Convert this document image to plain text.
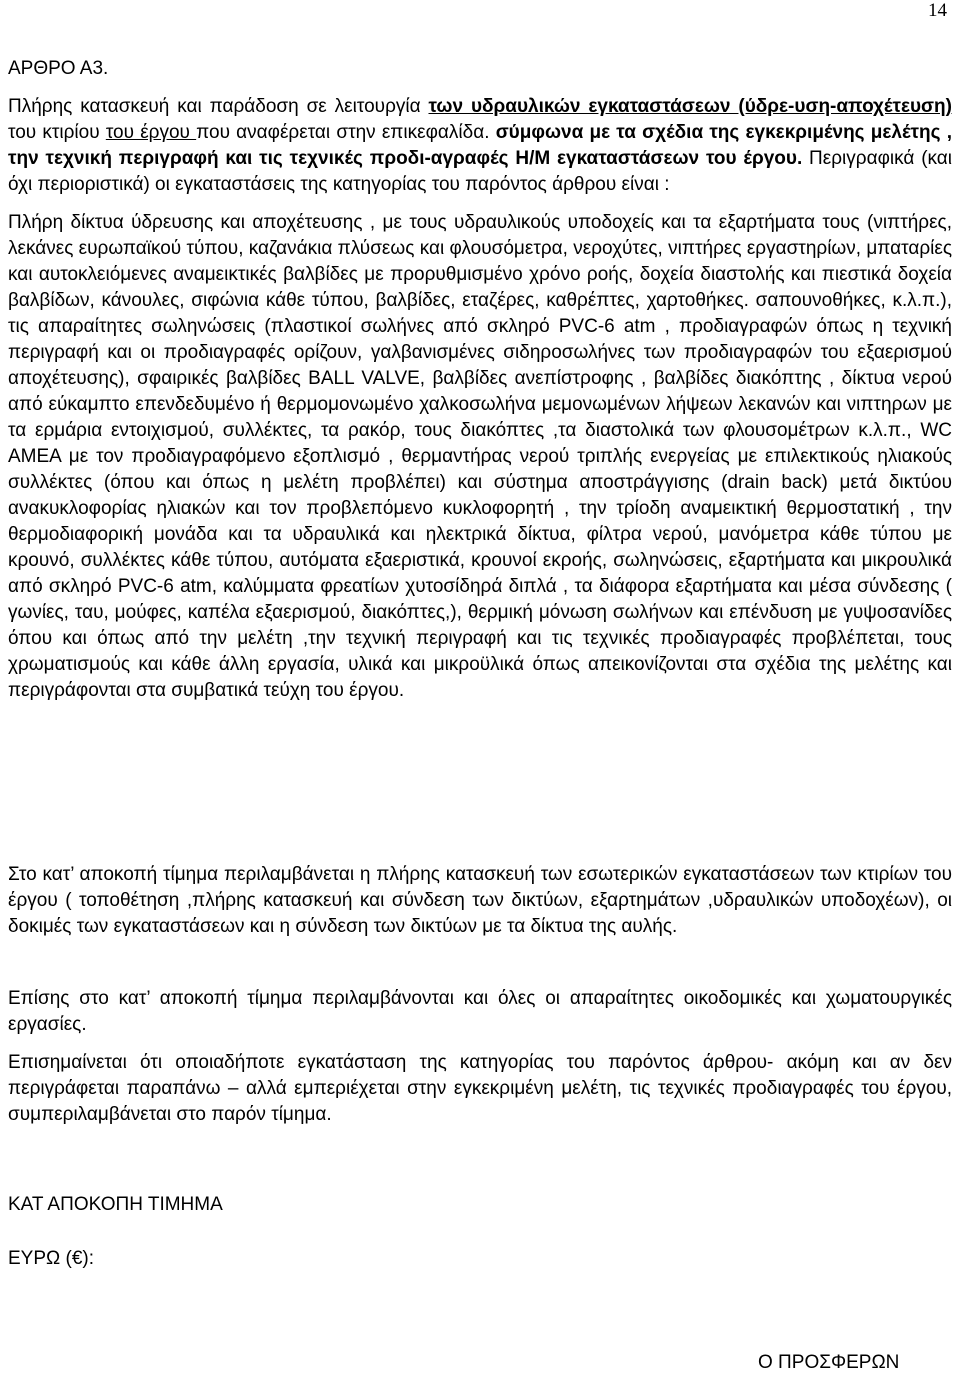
14
ΑΡΘΡΟ Α3.
Πλήρης κατασκευή και παράδοση σε λειτουργία των υδραυλικών εγκαταστάσεων (ύδρε-υση-αποχέτευση) του κτιρίου του έργου που αναφέρεται στην επικεφαλίδα. σύμφωνα με τα σχέδια της εγκεκριμένης μελέτης , την τεχνική περιγραφή και τις τεχνικές προδι-αγραφές Η/Μ εγκαταστάσεων του έργου. Περιγραφικά (και όχι περιοριστικά) οι εγκαταστάσεις της κατηγορίας του παρόντος άρθρου είναι :
Πλήρη δίκτυα ύδρευσης και αποχέτευσης , με τους υδραυλικούς υποδοχείς και τα εξαρτήματα τους (νιπτήρες, λεκάνες ευρωπαϊκού τύπου, καζανάκια πλύσεως και φλουσόμετρα, νεροχύτες, νιπτήρες εργαστηρίων, μπαταρίες και αυτοκλειόμενες αναμεικτικές βαλβίδες με προρυθμισμένο χρόνο ροής, δοχεία διαστολής και πιεστικά δοχεία βαλβίδων, κάνουλες, σιφώνια κάθε τύπου, βαλβίδες, εταζέρες, καθρέπτες, χαρτοθήκες. σαπουνοθήκες, κ.λ.π.), τις απαραίτητες σωληνώσεις (πλαστικοί σωλήνες από σκληρό PVC-6 atm , προδιαγραφών όπως η τεχνική περιγραφή και οι προδιαγραφές ορίζουν, γαλβανισμένες σιδηροσωλήνες των προδιαγραφών του εξαερισμού αποχέτευσης), σφαιρικές βαλβίδες BALL VALVE, βαλβίδες ανεπίστροφης , βαλβίδες διακόπτης , δίκτυα νερού από εύκαμπτο επενδεδυμένο ή θερμομονωμένο χαλκοσωλήνα μεμονωμένων λήψεων λεκανών και νιπτηρων με τα ερμάρια εντοιχισμού, συλλέκτες, τα ρακόρ, τους διακόπτες ,τα διαστολικά των φλουσομέτρων κ.λ.π., WC ΑΜΕΑ με τον προδιαγραφόμενο εξοπλισμό , θερμαντήρας νερού τριπλής ενεργείας με επιλεκτικούς ηλιακούς συλλέκτες (όπου και όπως η μελέτη προβλέπει) και σύστημα αποστράγγισης (drain back) μετά δικτύου ανακυκλοφορίας ηλιακών και τον προβλεπόμενο κυκλοφορητή , την τρίοδη αναμεικτική θερμοστατική , την θερμοδιαφορική μονάδα και τα υδραυλικά και ηλεκτρικά δίκτυα, φίλτρα νερού, μανόμετρα κάθε τύπου με κρουνό, συλλέκτες κάθε τύπου, αυτόματα εξαεριστικά, κρουνοί εκροής, σωληνώσεις, εξαρτήματα και μικρουλικά από σκληρό PVC-6 atm, καλύμματα φρεατίων χυτοσίδηρά διπλά , τα διάφορα εξαρτήματα και μέσα σύνδεσης ( γωνίες, ταυ, μούφες, καπέλα εξαερισμού, διακόπτες,), θερμική μόνωση σωλήνων και επένδυση με γυψοσανίδες όπου και όπως από την μελέτη ,την τεχνική περιγραφή και τις τεχνικές προδιαγραφές προβλέπεται, τους χρωματισμούς και κάθε άλλη εργασία, υλικά και μικροϋλικά όπως απεικονίζονται στα σχέδια της μελέτης και περιγράφονται στα συμβατικά τεύχη του έργου.
Στο κατ’ αποκοπή τίμημα περιλαμβάνεται η πλήρης κατασκευή των εσωτερικών εγκαταστάσεων των κτιρίων του έργου ( τοποθέτηση ,πλήρης κατασκευή και σύνδεση των δικτύων, εξαρτημάτων ,υδραυλικών υποδοχέων), οι δοκιμές των εγκαταστάσεων και η σύνδεση των δικτύων με τα δίκτυα της αυλής.
Επίσης στο κατ’ αποκοπή τίμημα περιλαμβάνονται και όλες οι απαραίτητες οικοδομικές και χωματουργικές εργασίες.
Επισημαίνεται ότι οποιαδήποτε εγκατάσταση της κατηγορίας του παρόντος άρθρου- ακόμη και αν δεν περιγράφεται παραπάνω – αλλά εμπεριέχεται στην εγκεκριμένη μελέτη, τις τεχνικές προδιαγραφές του έργου, συμπεριλαμβάνεται στο παρόν τίμημα.
ΚΑΤ ΑΠΟΚΟΠΗ ΤΙΜΗΜΑ
ΕΥΡΩ (€):
Ο ΠΡΟΣΦΕΡΩΝ
